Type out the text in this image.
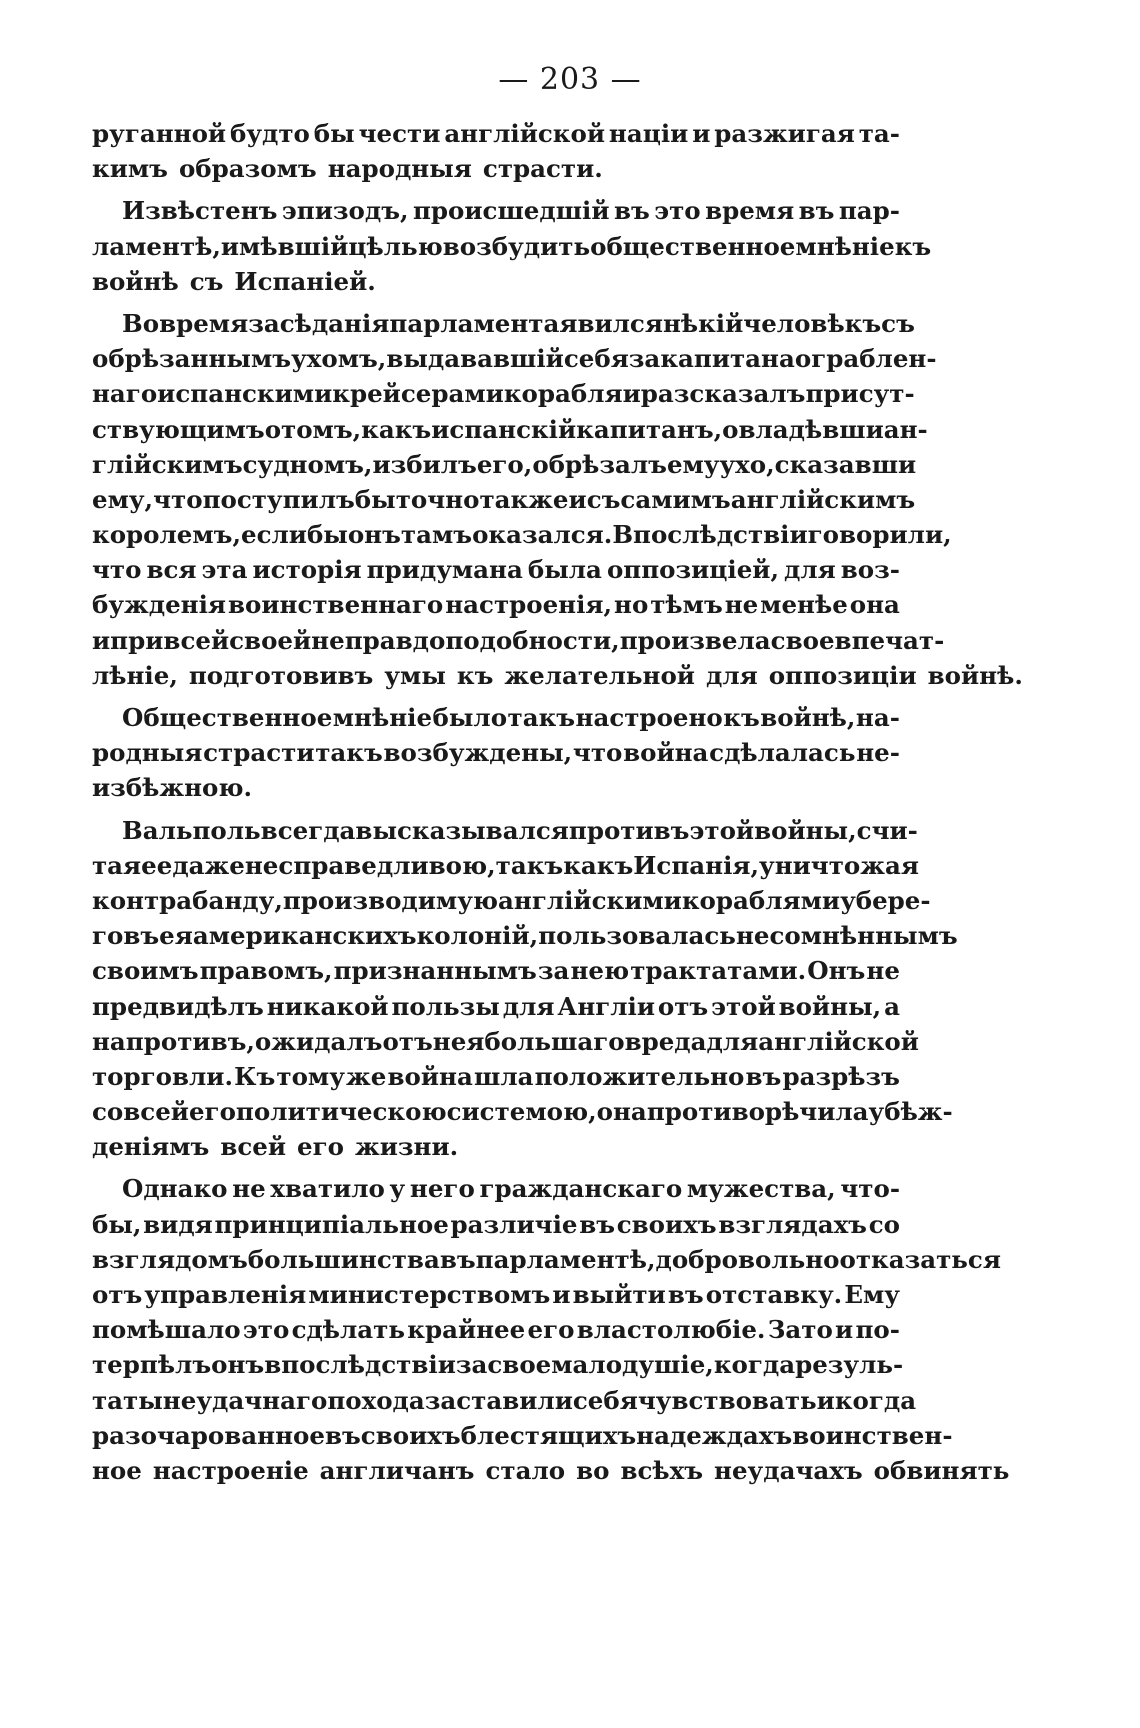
— 203 —
руганной будто бы чести англійской націи и разжигая та-
кимъ образомъ народныя страсти.
Извѣстенъ эпизодъ, происшедшій въ это время въ пар-
ламентѣ, имѣвшій цѣлью возбудить общественное мнѣніе къ
войнѣ съ Испаніей.
Во время засѣданія парламента явился нѣкій человѣкъ съ
обрѣзаннымъ ухомъ, выдававшій себя за капитана ограблен-
наго испанскими крейсерами корабля и разсказалъ присут-
ствующимъ о томъ, какъ испанскій капитанъ, овладѣвши ан-
глійскимъ судномъ, избилъ его, обрѣзалъ ему ухо, сказавши
ему, что поступилъ бы точно также и съ самимъ англійскимъ
королемъ, если бы онъ тамъ оказался. Впослѣдствіи говорили,
что вся эта исторія придумана была оппозиціей, для воз-
бужденія воинственнаго настроенія, но тѣмъ не менѣе она
и при всей своей неправдоподобности, произвела свое впечат-
лѣніе, подготовивъ умы къ желательной для оппозиціи войнѣ.
Общественное мнѣніе было такъ настроено къ войнѣ, на-
родныя страсти такъ возбуждены, что война сдѣлалась не-
избѣжною.
Вальполь всегда высказывался противъ этой войны, счи-
тая ее даже несправедливою, такъ какъ Испанія, уничтожая
контрабанду, производимую англійскими кораблями у бере-
говъ ея американскихъ колоній, пользовалась несомнѣннымъ
своимъ правомъ, признаннымъ за нею трактатами. Онъ не
предвидѣлъ никакой пользы для Англіи отъ этой войны, а
напротивъ, ожидалъ отъ нея большаго вреда для англійской
торговли. Къ тому же война шла положительно въ разрѣзъ
со всей его политическою системою, она противорѣчила убѣж-
деніямъ всей его жизни.
Однако не хватило у него гражданскаго мужества, что-
бы, видя принципіальное различіе въ своихъ взглядахъ со
взглядомъ большинства въ парламентѣ, добровольно отказаться
отъ управленія министерствомъ и выйти въ отставку. Ему
помѣшало это сдѣлать крайнее его властолюбіе. Зато и по-
терпѣлъ онъ впослѣдствіи за свое малодушіе, когда резуль-
таты неудачнаго похода заставили себя чувствовать и когда
разочарованное въ своихъ блестящихъ надеждахъ воинствен-
ное настроеніе англичанъ стало во всѣхъ неудачахъ обвинять
